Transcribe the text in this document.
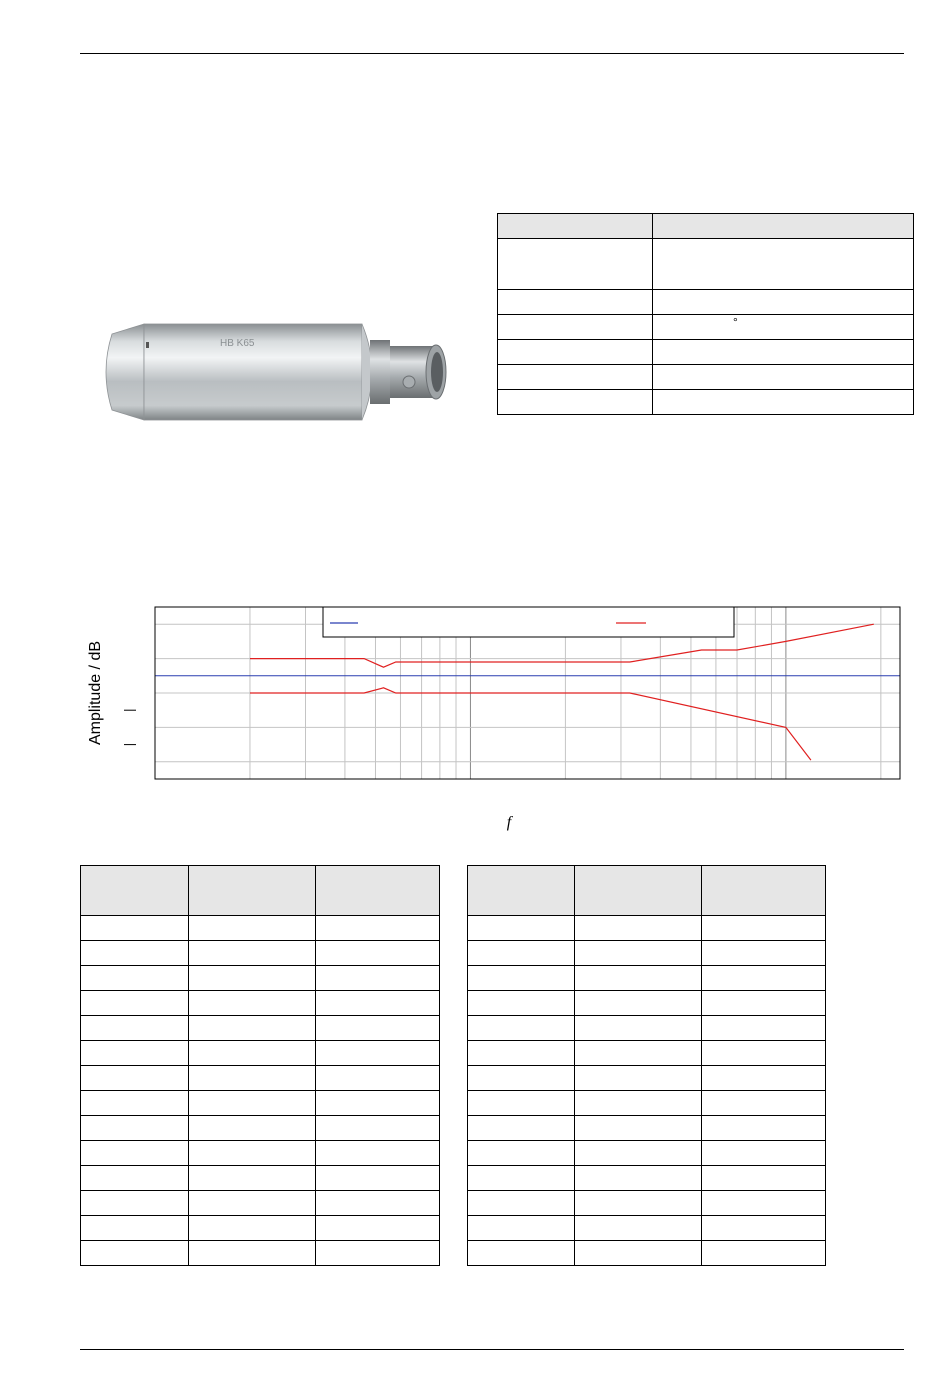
HB K65

°
Amplitude / dB
f
